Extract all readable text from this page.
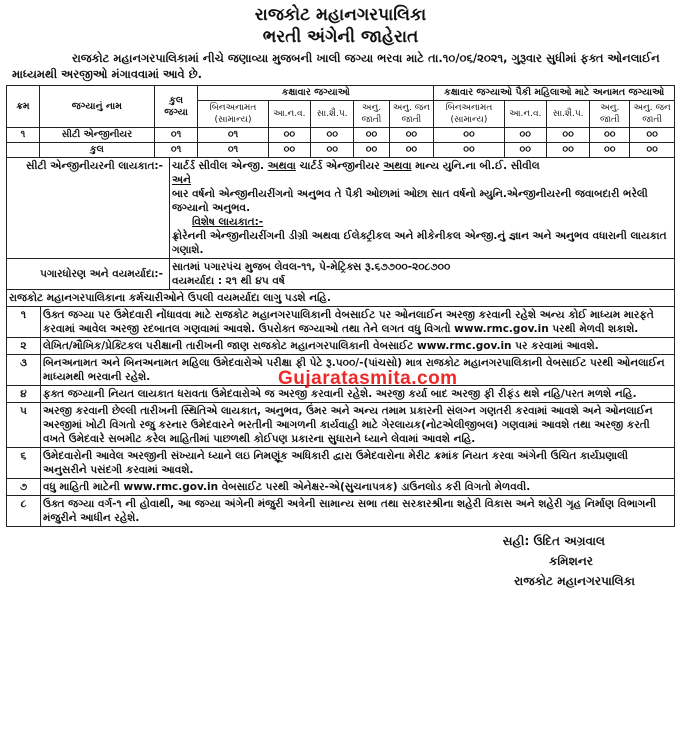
રાજકોટ મહાનગરપાલિકા
ભરતી અંગેની જાહેરાત
રાજકોટ મહાનગરપાલિકામાં નીચે જણાવ્યા મુજબની ખાલી જગ્યા ભરવા માટે તા.૧૦/૦૬/૨૦૨૧, ગુરૂવાર સુધીમાં ફક્ત ઓનલાઈન માધ્યમથી અરજીઓ મંગાવવામાં આવે છે.
ક્રમ	જગ્યાનું નામ	કુલ જગ્યા	કક્ષાવાર જગ્યાઓ					કક્ષાવાર જગ્યાઓ પૈકી મહિલાઓ માટે અનામત જગ્યાઓ				
			બિનઅનામત (સામાન્ય)	આ.ન.વ.	સા.શૈ.પ.	અનુ. જાતી	અનુ. જન જાતી	બિનઅનામત (સામાન્ય)	આ.ન.વ.	સા.શૈ.પ.	અનુ. જાતી	અનુ. જન જાતી
૧	સીટી એન્જીનીયર	૦૧	૦૧	૦૦	૦૦	૦૦	૦૦	૦૦	૦૦	૦૦	૦૦	૦૦
	કુલ	૦૧	૦૧	૦૦	૦૦	૦૦	૦૦	૦૦	૦૦	૦૦	૦૦	૦૦
સીટી એન્જીનીયરની લાયકાત:-	ચાર્ટર્ડ સીવીલ એન્જી. અથવા ચાર્ટર્ડ એન્જીનીયર અથવા માન્ય યુનિ.ના બી.ઈ. સીવીલ
અને
બાર વર્ષનો એન્જીનીયરીંગનો અનુભવ તે પૈકી ઓછામાં ઓછા સાત વર્ષનો મ્યુનિ.એન્જીનીયરની જવાબદારી ભરેલી જગ્યાનો અનુભવ.
વિશેષ લાયકાત:-
ફ્રોરેનની એન્જીનીયરીંગની ડીગ્રી અથવા ઈલેક્ટ્રીકલ અને મીકેનીકલ એન્જી.નું જ્ઞાન અને અનુભવ વધારાની લાયકાત ગણાશે.
પગારધોરણ અને વયમર્યાદા:-	સાતમાં પગારપંચ મુજબ લેવલ-૧૧, પે-મેટ્રિક્સ રૂ.૬૭૭૦૦-૨૦૮૭૦૦
વયમર્યાદા : ૨૧ થી ૪૫ વર્ષ
રાજકોટ મહાનગરપાલિકાના કર્મચારીઓને ઉપલી વયમર્યાદા લાગુ પડશે નહિ.	
૧	ઉક્ત જગ્યા પર ઉમેદવારી નોંધાવવા માટે રાજકોટ મહાનગરપાલિકાની વેબસાઈટ પર ઓનલાઈન અરજી કરવાની રહેશે અન્ય કોઈ માધ્યમ મારફતે કરવામાં આવેલ અરજી રદબાતલ ગણવામાં આવશે. ઉપરોક્ત જગ્યાઓ તથા તેને લગત વધુ વિગતો www.rmc.gov.in પરથી મેળવી શકાશે.
૨	લેખિત/મૌખિક/પ્રેક્ટિકલ પરીક્ષાની તારીખની જાણ રાજકોટ મહાનગરપાલિકાની વેબસાઈટ www.rmc.gov.in પર કરવામાં આવશે.
૩	બિનઅનામત અને બિનઅનામત મહિલા ઉમેદવારોએ પરીક્ષા ફી પેટે રૂ.૫૦૦/-(પાંચસો) માત્ર રાજકોટ મહાનગરપાલિકાની વેબસાઈટ પરથી ઓનલાઈન માધ્યમથી ભરવાની રહેશે.
૪	ફક્ત જગ્યાની નિયત લાયકાત ધરાવતા ઉમેદવારોએ જ અરજી કરવાની રહેશે. અરજી કર્યા બાદ અરજી ફી રીફંડ થશે નહિ/પરત મળશે નહિ.
૫	અરજી કરવાની છેલ્લી તારીખની સ્થિતિએ લાયકાત, અનુભવ, ઉંમર અને અન્ય તમામ પ્રકારની સંલગ્ન ગણતરી કરવામાં આવશે અને ઓનલાઈન અરજીમાં ખોટી વિગતો રજુ કરનાર ઉમેદવારને ભરતીની આગળની કાર્યવાહી માટે ગેરલાયક(નોટએલીજીબલ) ગણવામાં આવશે તથા અરજી કરતી વખતે ઉમેદવારે સબમીટ કરેલ માહિતીમાં પાછળથી કોઈપણ પ્રકારના સુધારાને ધ્યાને લેવામાં આવશે નહિ.
૬	ઉમેદવારોની આવેલ અરજીની સંખ્યાને ધ્યાને લઇ નિમણૂંક અધિકારી દ્વારા ઉમેદવારોના મેરીટ ક્રમાંક નિયત કરવા અંગેની ઉચિત કાર્યપ્રણાલી અનુસરીને પસંદગી કરવામાં આવશે.
૭	વધુ માહિતી માટેની www.rmc.gov.in વેબસાઈટ પરથી એનેક્ષર-એ(સુચનાપત્રક) ડાઉનલોડ કરી વિગતો મેળવવી.
૮	ઉક્ત જગ્યા વર્ગ-૧ ની હોવાથી, આ જગ્યા અંગેની મંજુરી અત્રેની સામાન્ય સભા તથા સરકારશ્રીના શહેરી વિકાસ અને શહેરી ગૃહ નિર્માણ વિભાગની મંજુરીને આધીન રહેશે.
સહી: ઉદિત અગ્રવાલ
કમિશનર
રાજકોટ મહાનગરપાલિકા
Gujaratasmita.com
